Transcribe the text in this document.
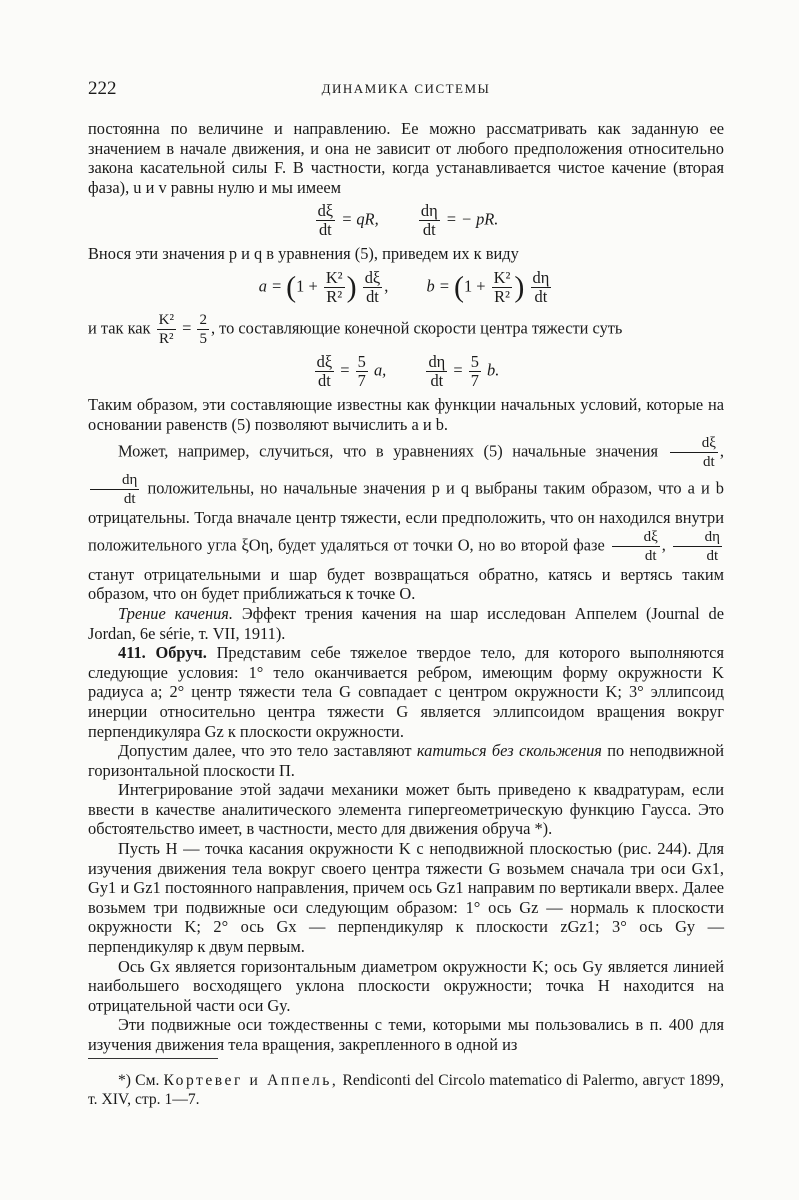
222	ДИНАМИКА СИСТЕМЫ

постоянна по величине и направлению. Ее можно рассматривать как заданную ее значением в начале движения, и она не зависит от любого предположения относительно закона касательной силы F. В частности, когда устанавливается чистое качение (вторая фаза), u и v равны нулю и мы имеем

$\frac{d\xi}{dt}$ = qR, $\frac{d\eta}{dt}$ = − pR.

Внося эти значения p и q в уравнения (5), приведем их к виду

$a = (1 + \frac{\text{K²}}{\text{R²}}$ ) $\frac{d\xi}{dt}$ ,  $b = (1 + \frac{\text{K²}}{\text{R²}}$ ) $\frac{d\eta}{dt}$

и так как $\frac{\text{K²}}{\text{R²}} = \frac{2}{5}$ , то составляющие конечной скорости центра тяжести суть

$\frac{d\xi}{dt} = \frac{5}{7} a$, $\frac{d\eta}{dt} = \frac{5}{7} b$.

Таким образом, эти составляющие известны как функции начальных условий, которые на основании равенств (5) позволяют вычислить a и b.

Может, например, случиться, что в уравнениях (5) начальные значения $\frac{d\xi}{dt}$ ,
$\frac{d\eta}{dt}$ положительны, но начальные значения p и q выбраны таким образом, что a и b отрицательны. Тогда вначале центр тяжести, если предположить, что он находился внутри положительного угла ξOη, будет удаляться от точки O, но во второй фазе $\frac{d\xi}{dt}$ , $\frac{d\eta}{dt}$
станут отрицательными и шар будет возвращаться обратно, катясь и вертясь таким образом, что он будет приближаться к точке O.

Трение качения. Эффект трения качения на шар исследован Аппелем (Journal de Jordan, 6e série, т. VII, 1911).

411. Обруч. Представим себе тяжелое твердое тело, для которого выполняются следующие условия: 1° тело оканчивается ребром, имеющим форму окружности K радиуса a; 2° центр тяжести тела G совпадает с центром окружности K; 3° эллипсоид инерции относительно центра тяжести G является эллипсоидом вращения вокруг перпендикуляра Gz к плоскости окружности.

Допустим далее, что это тело заставляют катиться без скольжения по неподвижной горизонтальной плоскости Π.

Интегрирование этой задачи механики может быть приведено к квадратурам, если ввести в качестве аналитического элемента гипергеометрическую функцию Гаусса. Это обстоятельство имеет, в частности, место для движения обруча *).

Пусть H — точка касания окружности K с неподвижной плоскостью (рис. 244). Для изучения движения тела вокруг своего центра тяжести G возьмем сначала три оси Gx1, Gy1 и Gz1 постоянного направления, причем ось Gz1 направим по вертикали вверх. Далее возьмем три подвижные оси следующим образом: 1° ось Gz — нормаль к плоскости окружности K; 2° ось Gx — перпендикуляр к плоскости zGz1; 3° ось Gy — перпендикуляр к двум первым.

Ось Gx является горизонтальным диаметром окружности K; ось Gy является линией наибольшего восходящего уклона плоскости окружности; точка H находится на отрицательной части оси Gy.

Эти подвижные оси тождественны с теми, которыми мы пользовались в п. 400 для изучения движения тела вращения, закрепленного в одной из

*) См. Кортевег и Аппель, Rendiconti del Circolo matematico di Palermo, август 1899, т. XIV, стр. 1—7.
